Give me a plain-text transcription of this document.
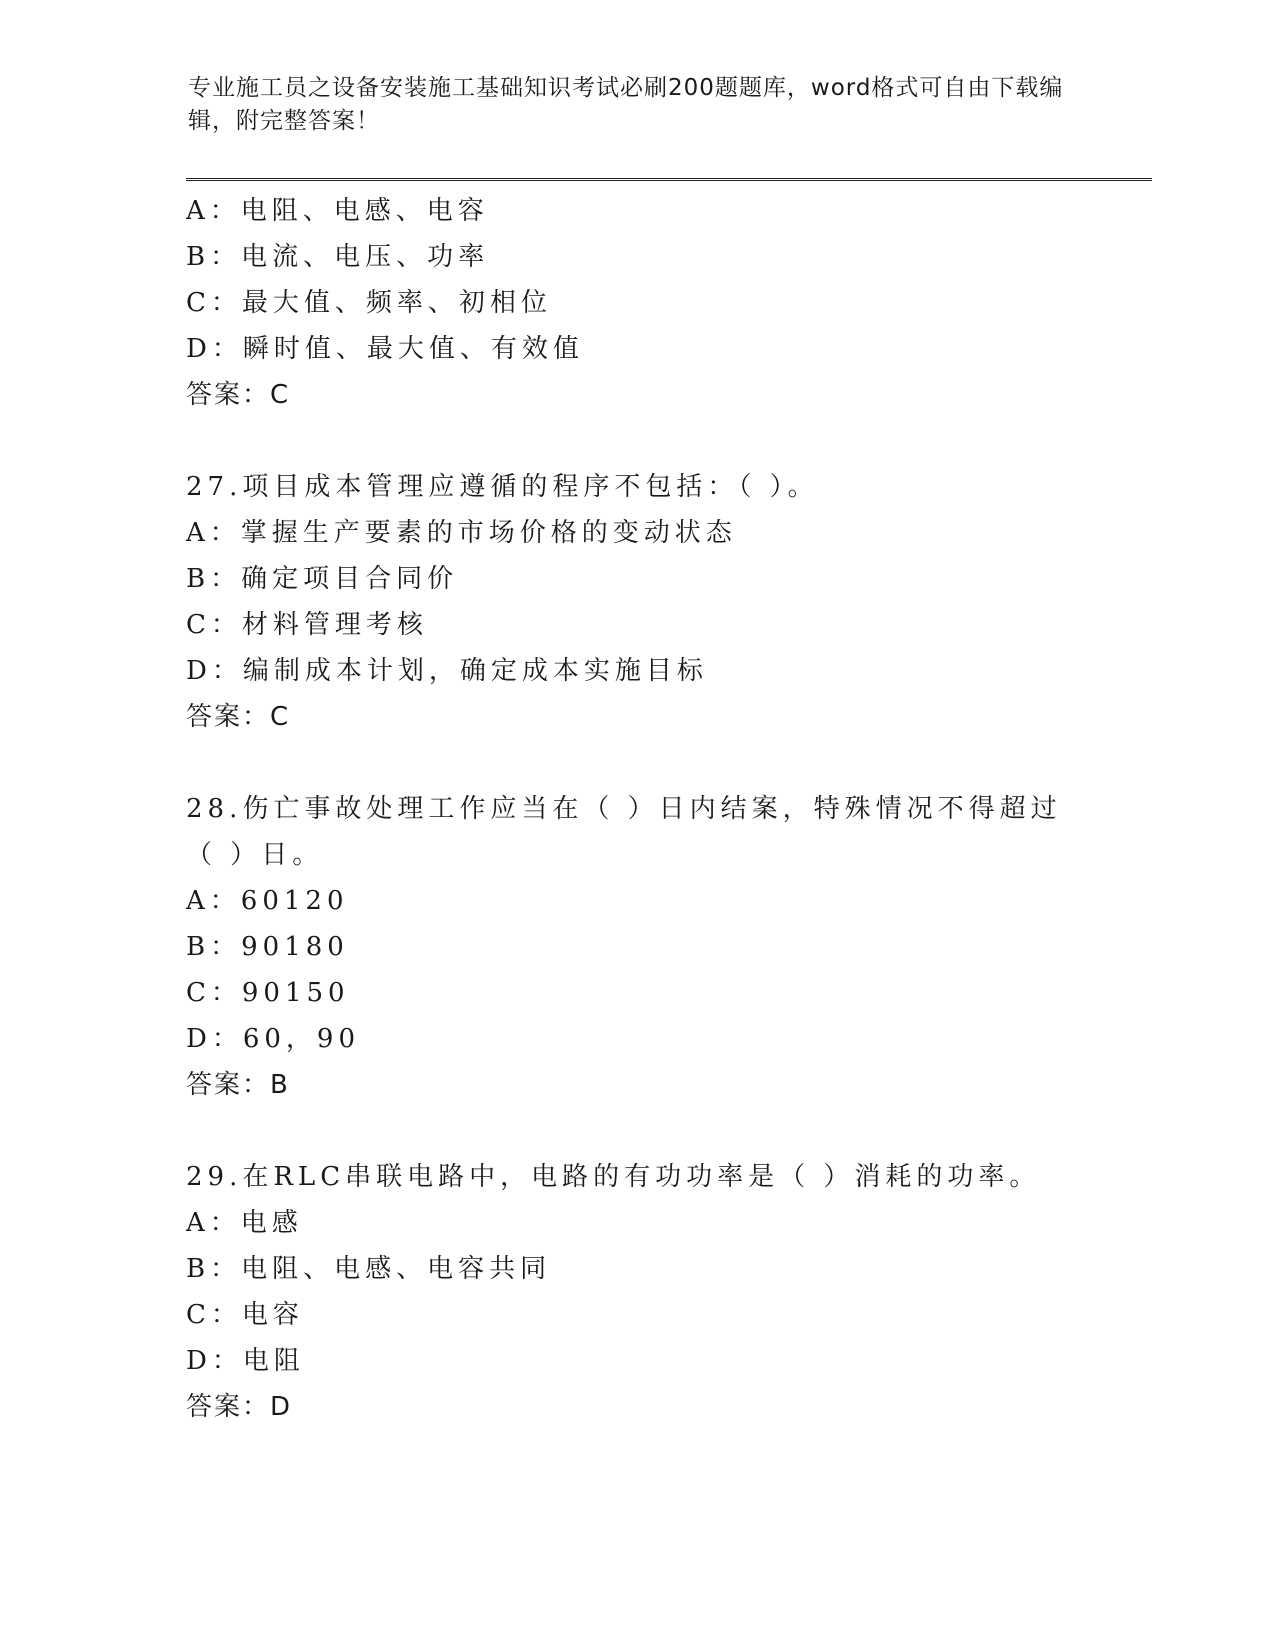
专业施工员之设备安装施工基础知识考试必刷200题题库，word格式可自由下载编辑，附完整答案！
A：电阻、电感、电容
B：电流、电压、功率
C：最大值、频率、初相位
D：瞬时值、最大值、有效值
答案：C
27.项目成本管理应遵循的程序不包括：（ ）。
A：掌握生产要素的市场价格的变动状态
B：确定项目合同价
C：材料管理考核
D：编制成本计划，确定成本实施目标
答案：C
28.伤亡事故处理工作应当在（ ）日内结案，特殊情况不得超过（ ）日。
A：60120
B：90180
C：90150
D：60，90
答案：B
29.在RLC串联电路中，电路的有功功率是（ ）消耗的功率。
A：电感
B：电阻、电感、电容共同
C：电容
D：电阻
答案：D
